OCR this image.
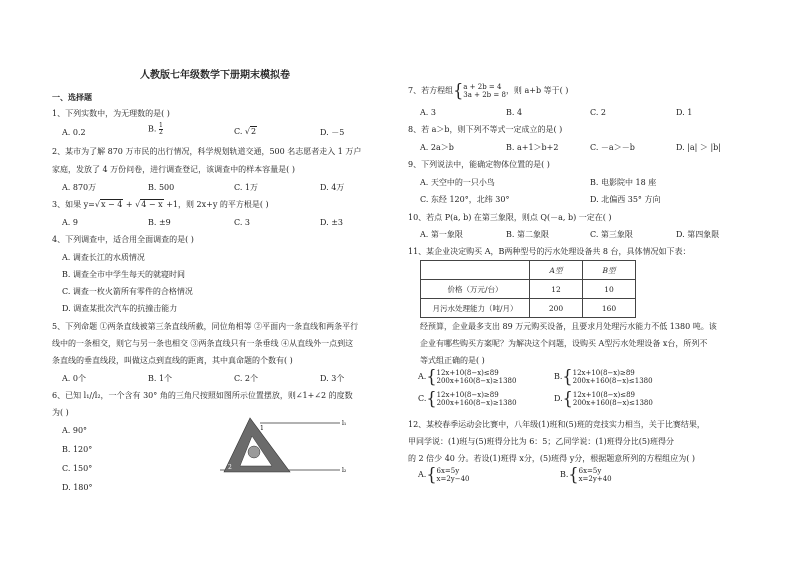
人教版七年级数学下册期末模拟卷
一、选择题
1、下列实数中，为无理数的是( )
A. 0.2	B. $\frac{1}{2}$	C. √2	D. －5
2、某市为了解 870 万市民的出行情况，科学规划轨道交通，500 名志愿者走入 1 万户
家庭，发放了 4 万份问卷，进行调查登记，该调查中的样本容量是( )
A. 870万	B. 500	C. 1万	D. 4万
3、如果 y=√x − 4 + √4 − x +1，则 2x+y 的平方根是( )
A. 9	B. ±9	C. 3	D. ±3
4、下列调查中，适合用全面调查的是( )
A. 调查长江的水质情况
B. 调查全市中学生每天的就寝时间
C. 调查一枚火箭所有零件的合格情况
D. 调查某批次汽车的抗撞击能力
5、下列命题 ①两条直线被第三条直线所截，同位角相等 ②平面内一条直线和两条平行
线中的一条相交，则它与另一条也相交 ③两条直线只有一条垂线 ④从直线外一点到这
条直线的垂直线段，叫做这点到直线的距离，其中真命题的个数有( )
A. 0个	B. 1个	C. 2个	D. 3个
6、已知 l₁//l₂，一个含有 30° 角的三角尺按照如图所示位置摆放，则∠1+∠2 的度数
为( )
A. 90°
B. 120°
C. 150°
D. 180°
l₁
l₂
1
2
7、若方程组{ a + 2b = 4
3a + 2b = 8 ，则 a+b 等于( )
A. 3	B. 4	C. 2	D. 1
8、若 a＞b，则下列不等式一定成立的是( )
A. 2a＞b	B. a+1＞b+2	C. －a＞－b	D. |a| ＞ |b|
9、下列说法中，能确定物体位置的是( )
A. 天空中的一只小鸟	B. 电影院中 18 座
C. 东经 120°，北纬 30°	D. 北偏西 35° 方向
10、若点 P(a, b) 在第三象限，则点 Q(－a, b) 一定在( )
A. 第一象限	B. 第二象限	C. 第三象限	D. 第四象限
11、某企业决定购买 A，B两种型号的污水处理设备共 8 台，具体情况如下表：
	A型	B型
价格（万元/台）	12	10
月污水处理能力（吨/月）	200	160
经预算，企业最多支出 89 万元购买设备，且要求月处理污水能力不低 1380 吨。该
企业有哪些购买方案呢？为解决这个问题，设购买 A型污水处理设备 x台，所列不
等式组正确的是( )
A.{ 12x+10(8−x)≤89
200x+160(8−x)≥1380	B.{ 12x+10(8−x)≥89
200x+160(8−x)≤1380
C.{ 12x+10(8−x)≥89
200x+160(8−x)≥1380	D.{ 12x+10(8−x)≤89
200x+160(8−x)≤1380
12、某校春季运动会比赛中，八年级(1)班和(5)班的竞技实力相当，关于比赛结果，
甲同学说：(1)班与(5)班得分比为 6：5；乙同学说：(1)班得分比(5)班得分
的 2 倍少 40 分。若设(1)班得 x分，(5)班得 y分，根据题意所列的方程组应为( )
A.{ 6x=5y
x=2y−40	B.{ 6x=5y
x=2y+40
